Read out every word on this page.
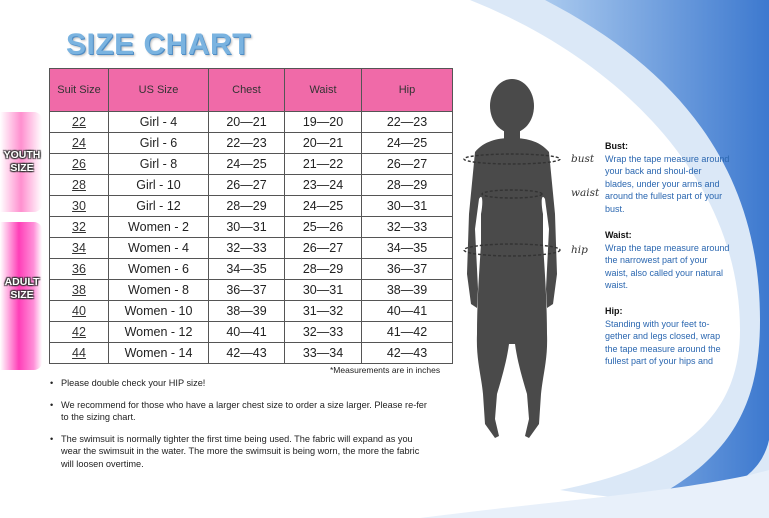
SIZE CHART
YOUTH
SIZE
ADULT
SIZE
Suit Size	US Size	Chest	Waist	Hip
22	Girl - 4	20—21	19—20	22—23
24	Girl - 6	22—23	20—21	24—25
26	Girl - 8	24—25	21—22	26—27
28	Girl - 10	26—27	23—24	28—29
30	Girl - 12	28—29	24—25	30—31
32	Women - 2	30—31	25—26	32—33
34	Women - 4	32—33	26—27	34—35
36	Women - 6	34—35	28—29	36—37
38	Women - 8	36—37	30—31	38—39
40	Women - 10	38—39	31—32	40—41
42	Women - 12	40—41	32—33	41—42
44	Women - 14	42—43	33—34	42—43
*Measurements are in inches
• Please double check your HIP size!
• We recommend for those who have a larger chest size to order a size larger. Please re-fer to the sizing chart.
• The swimsuit is normally tighter the first time being used. The fabric will expand as you wear the swimsuit in the water. The more the swimsuit is being worn, the more the fabric will loosen overtime.
bust
waist
hip
Bust:
Wrap the tape measure around your back and shoul-der blades, under your arms and around the fullest part of your bust.
Waist:
Wrap the tape measure around the narrowest part of your waist, also called your natural waist.
Hip:
Standing with your feet to-gether and legs closed, wrap the tape measure around the fullest part of your hips and
